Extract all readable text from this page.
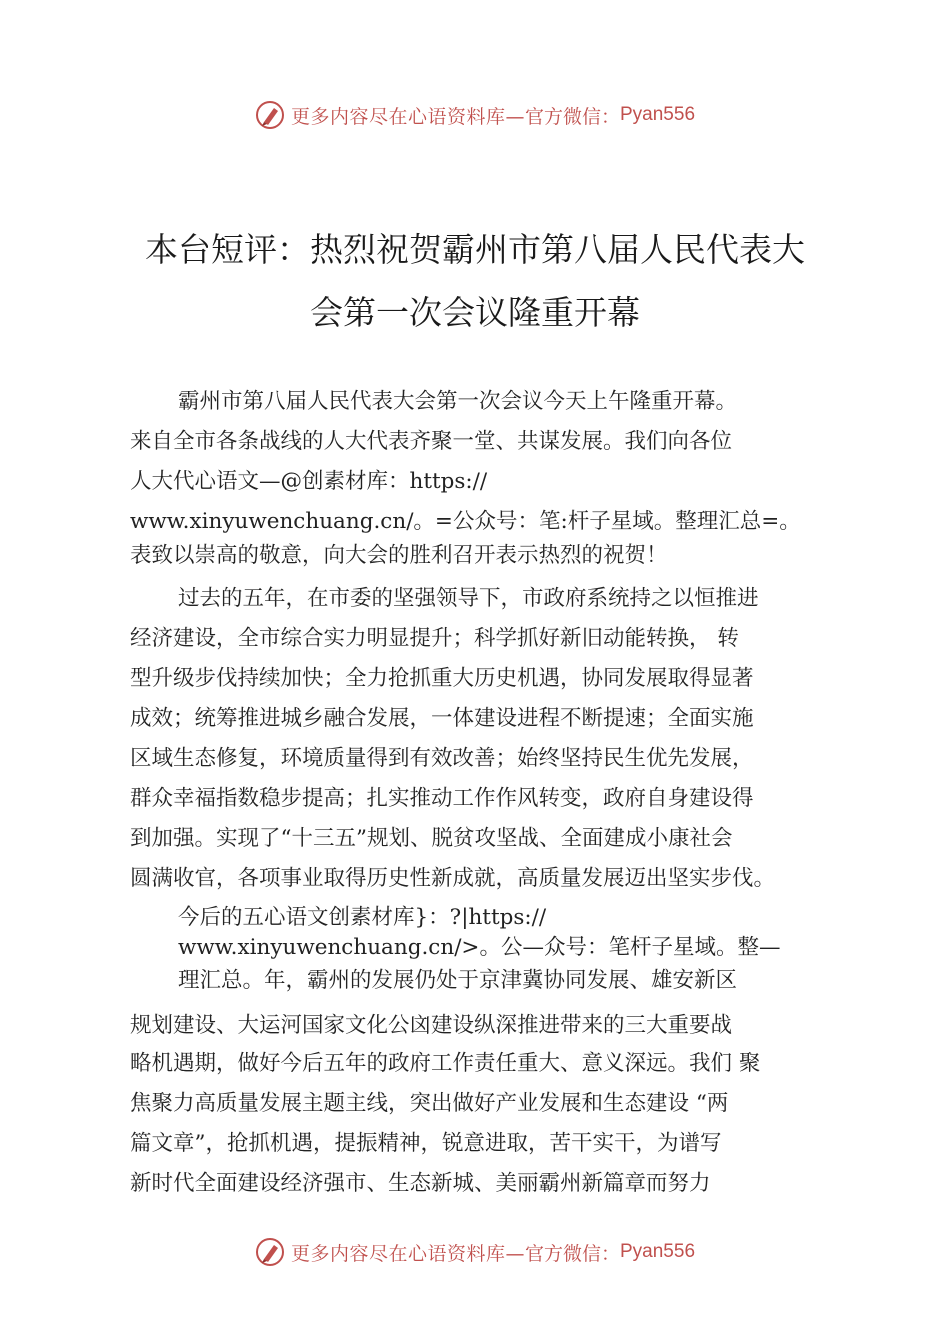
更多内容尽在心语资料库— 官方微信： Pyan556
本台短评：热烈祝贺霸州市第八届人民代表大
会第一次会议隆重开幕
霸州市第八届人民代表大会第一次会议今天上午隆重开幕。
来自全市各条战线的人大代表齐聚一堂、共谋发展。我们向各位
人大代心语文—@创素材库：https://
www.xinyuwenchuang.cn/。=公众号：笔:杆子星域。整理汇总=。
表致以崇高的敬意，向大会的胜利召开表示热烈的祝贺！
过去的五年，在市委的坚强领导下，市政府系统持之以恒推进
经济建设，全市综合实力明显提升；科学抓好新旧动能转换， 转
型升级步伐持续加快；全力抢抓重大历史机遇，协同发展取得显著
成效；统筹推进城乡融合发展，一体建设进程不断提速；全面实施
区域生态修复，环境质量得到有效改善；始终坚持民生优先发展，
群众幸福指数稳步提高；扎实推动工作作风转变，政府自身建设得
到加强。实现了“十三五”规划、脱贫攻坚战、全面建成小康社会
圆满收官，各项事业取得历史性新成就，高质量发展迈出坚实步伐。
今后的五心语文创素材库}：?|https://
www.xinyuwenchuang.cn/>。公—众号：笔杆子星域。整—
理汇总。年，霸州的发展仍处于京津冀协同发展、雄安新区
规划建设、大运河国家文化公㓙建设纵深推进带来的三大重要战
略机遇期，做好今后五年的政府工作责任重大、意义深远。我们 聚
焦聚力高质量发展主题主线，突出做好产业发展和生态建设 “两
篇文章”，抢抓机遇，提振精神，锐意进取，苦干实干，为谱写
新时代全面建设经济强市、生态新城、美丽霸州新篇章而努力
更多内容尽在心语资料库— 官方微信： Pyan556
